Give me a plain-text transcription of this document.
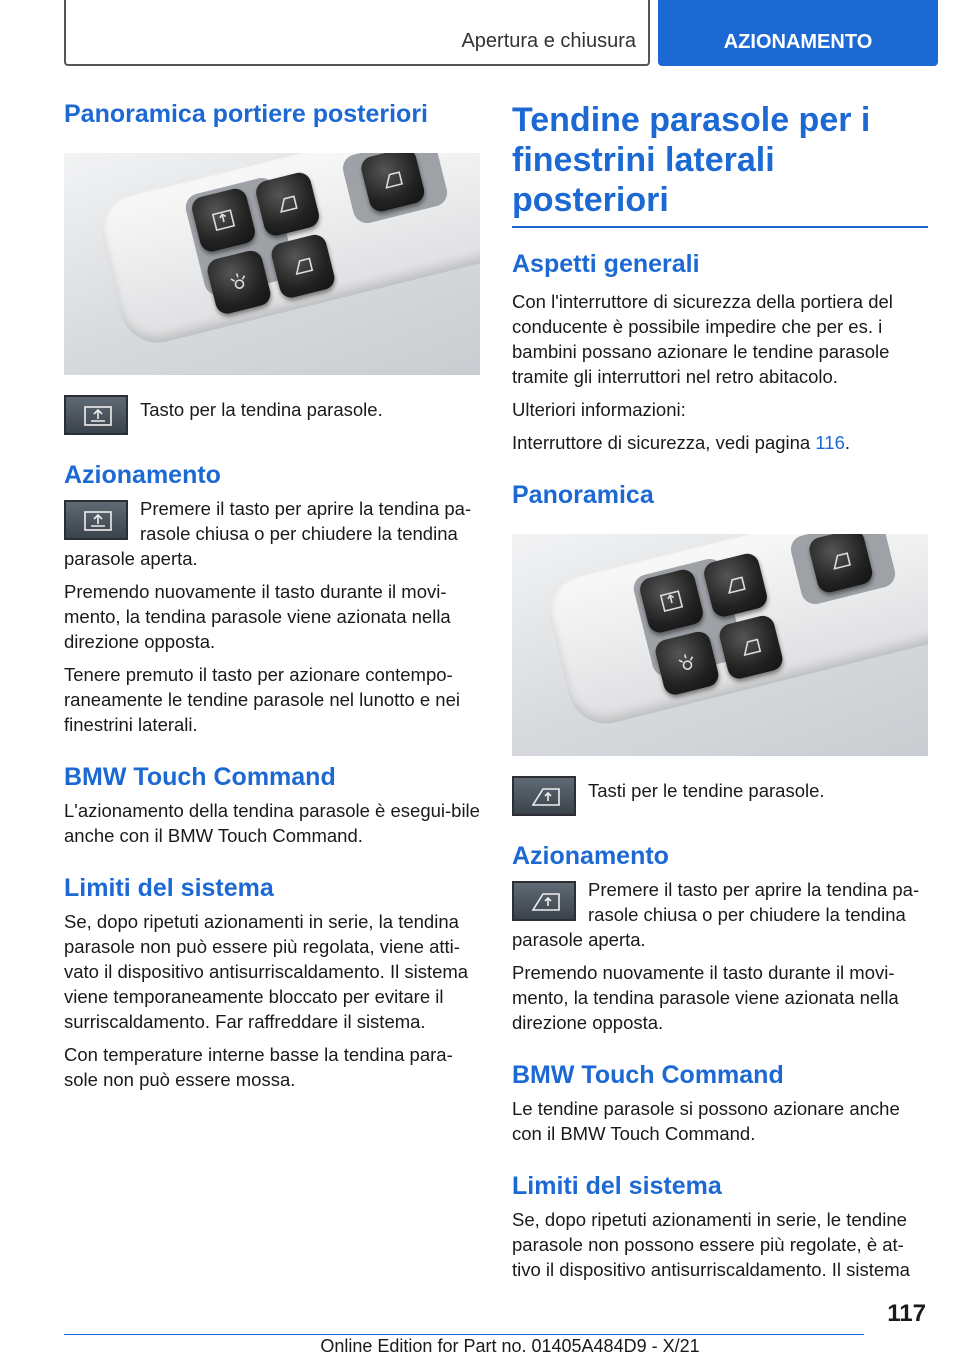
Apertura e chiusura	AZIONAMENTO
Panoramica portiere posteriori

Tasto per la tendina parasole.

Azionamento

Premere il tasto per aprire la tendina pa-rasole chiusa o per chiudere la tendina parasole aperta.

Premendo nuovamente il tasto durante il movi-mento, la tendina parasole viene azionata nella direzione opposta.

Tenere premuto il tasto per azionare contempo-raneamente le tendine parasole nel lunotto e nei finestrini laterali.

BMW Touch Command

L'azionamento della tendina parasole è esegui-bile anche con il BMW Touch Command.

Limiti del sistema

Se, dopo ripetuti azionamenti in serie, la tendina parasole non può essere più regolata, viene atti-vato il dispositivo antisurriscaldamento. Il sistema viene temporaneamente bloccato per evitare il surriscaldamento. Far raffreddare il sistema.

Con temperature interne basse la tendina para-sole non può essere mossa.

Tendine parasole per i finestrini laterali posteriori
Aspetti generali

Con l'interruttore di sicurezza della portiera del conducente è possibile impedire che per es. i bambini possano azionare le tendine parasole tramite gli interruttori nel retro abitacolo.

Ulteriori informazioni:

Interruttore di sicurezza, vedi pagina 116.

Panoramica

Tasti per le tendine parasole.

Azionamento

Premere il tasto per aprire la tendina pa-rasole chiusa o per chiudere la tendina parasole aperta.

Premendo nuovamente il tasto durante il movi-mento, la tendina parasole viene azionata nella direzione opposta.

BMW Touch Command

Le tendine parasole si possono azionare anche con il BMW Touch Command.

Limiti del sistema

Se, dopo ripetuti azionamenti in serie, le tendine parasole non possono essere più regolate, è at-tivo il dispositivo antisurriscaldamento. Il sistema

117
Online Edition for Part no. 01405A484D9 - X/21
